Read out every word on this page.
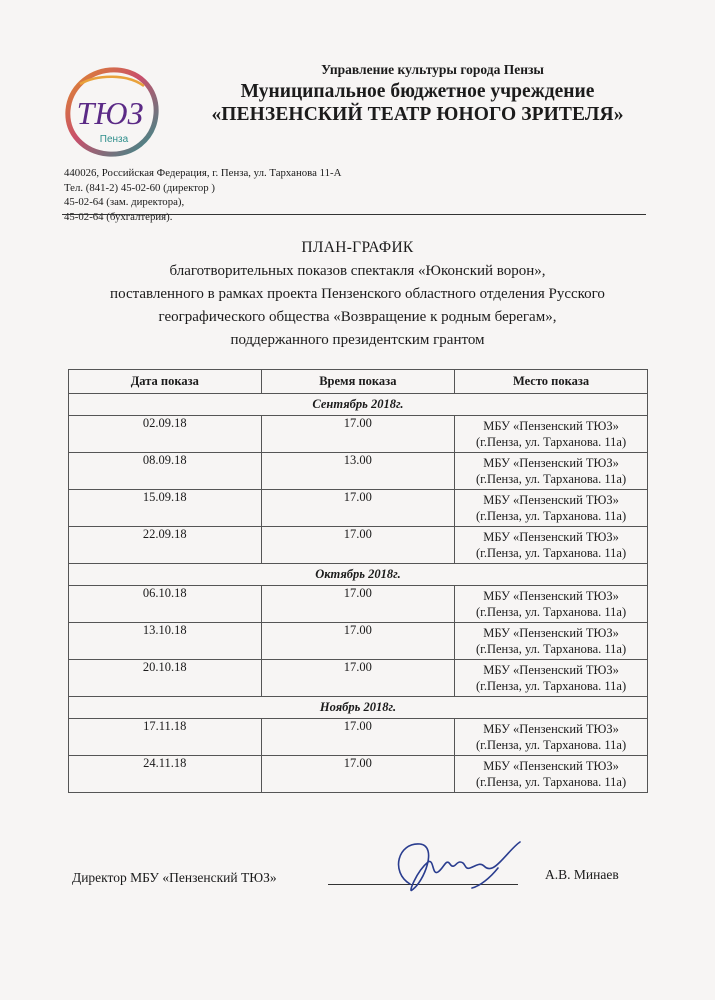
ТЮЗ
Пенза
Управление культуры города Пензы
Муниципальное бюджетное учреждение
«ПЕНЗЕНСКИЙ ТЕАТР ЮНОГО ЗРИТЕЛЯ»
440026, Российская Федерация, г. Пенза, ул. Тарханова 11-А
Тел. (841-2) 45-02-60 (директор )
45-02-64 (зам. директора),
45-02-64 (бухгалтерия).
ПЛАН-ГРАФИК
благотворительных показов спектакля «Юконский ворон»,
поставленного в рамках проекта Пензенского областного отделения Русского
географического общества «Возвращение к родным берегам»,
поддержанного президентским грантом
Дата показа	Время показа	Место показа
Сентябрь 2018г.		
02.09.18	17.00	МБУ «Пензенский ТЮЗ»
(г.Пенза, ул. Тарханова. 11а)

08.09.18	13.00	МБУ «Пензенский ТЮЗ»
(г.Пенза, ул. Тарханова. 11а)

15.09.18	17.00	МБУ «Пензенский ТЮЗ»
(г.Пенза, ул. Тарханова. 11а)

22.09.18	17.00	МБУ «Пензенский ТЮЗ»
(г.Пенза, ул. Тарханова. 11а)

Октябрь 2018г.		
06.10.18	17.00	МБУ «Пензенский ТЮЗ»
(г.Пенза, ул. Тарханова. 11а)

13.10.18	17.00	МБУ «Пензенский ТЮЗ»
(г.Пенза, ул. Тарханова. 11а)

20.10.18	17.00	МБУ «Пензенский ТЮЗ»
(г.Пенза, ул. Тарханова. 11а)

Ноябрь 2018г.		
17.11.18	17.00	МБУ «Пензенский ТЮЗ»
(г.Пенза, ул. Тарханова. 11а)

24.11.18	17.00	МБУ «Пензенский ТЮЗ»
(г.Пенза, ул. Тарханова. 11а)
Директор МБУ «Пензенский ТЮЗ»	А.В. Минаев
